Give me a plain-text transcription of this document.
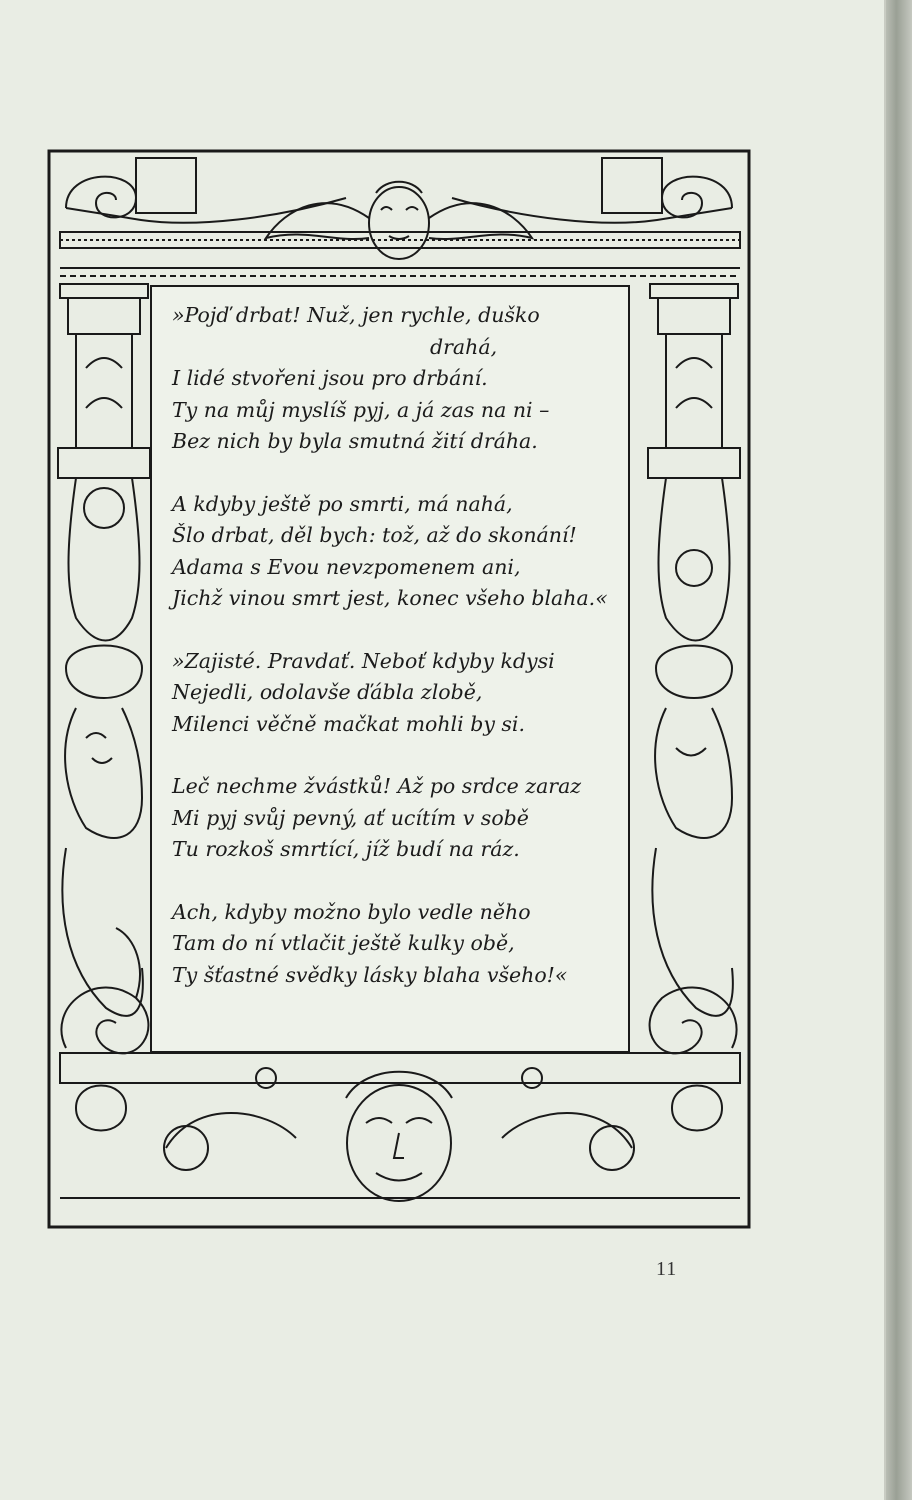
»Pojď drbat! Nuž, jen rychle, duško
drahá,
I lidé stvořeni jsou pro drbání.
Ty na můj myslíš pyj, a já zas na ni –
Bez nich by byla smutná žití dráha.
A kdyby ještě po smrti, má nahá,
Šlo drbat, děl bych: tož, až do skonání!
Adama s Evou nevzpomenem ani,
Jichž vinou smrt jest, konec všeho blaha.«
»Zajisté. Pravdať. Neboť kdyby kdysi
Nejedli, odolavše ďábla zlobě,
Milenci věčně mačkat mohli by si.
Leč nechme žvástků! Až po srdce zaraz
Mi pyj svůj pevný, ať ucítím v sobě
Tu rozkoš smrtící, jíž budí na ráz.
Ach, kdyby možno bylo vedle něho
Tam do ní vtlačit ještě kulky obě,
Ty šťastné svědky lásky blaha všeho!«
11
